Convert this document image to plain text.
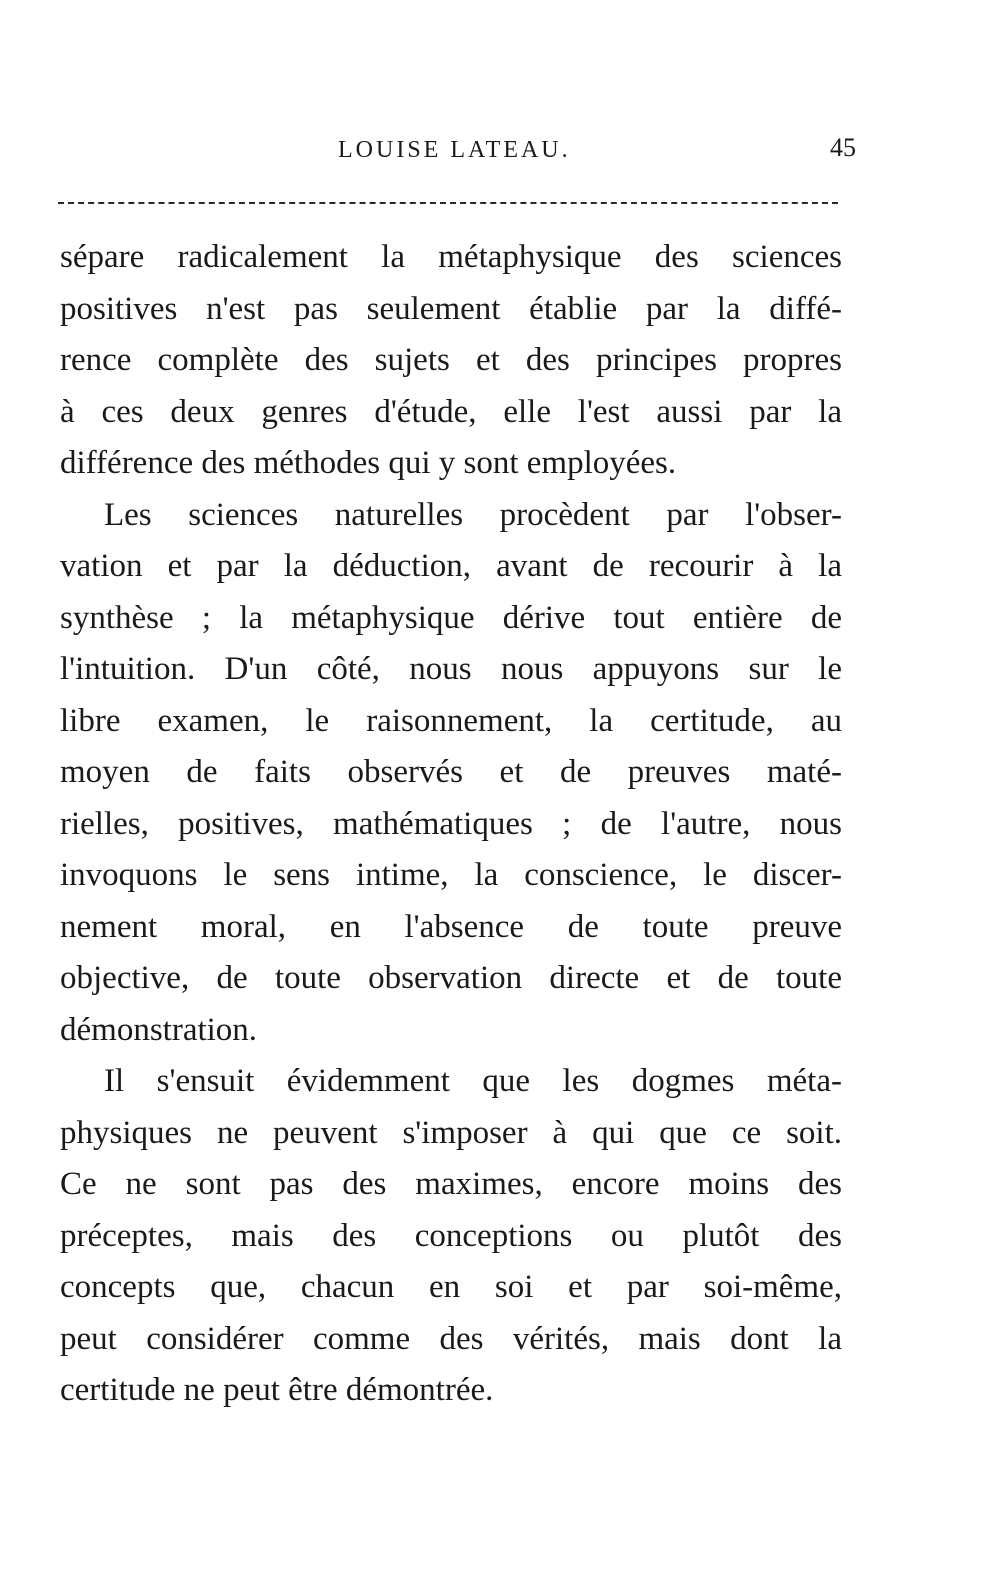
LOUISE LATEAU.	45
sépare radicalement la métaphysique des sciences
positives n'est pas seulement établie par la diffé-
rence complète des sujets et des principes propres
à ces deux genres d'étude, elle l'est aussi par la
différence des méthodes qui y sont employées.
Les sciences naturelles procèdent par l'obser-
vation et par la déduction, avant de recourir à la
synthèse ; la métaphysique dérive tout entière de
l'intuition. D'un côté, nous nous appuyons sur le
libre examen, le raisonnement, la certitude, au
moyen de faits observés et de preuves maté-
rielles, positives, mathématiques ; de l'autre, nous
invoquons le sens intime, la conscience, le discer-
nement moral, en l'absence de toute preuve
objective, de toute observation directe et de toute
démonstration.
Il s'ensuit évidemment que les dogmes méta-
physiques ne peuvent s'imposer à qui que ce soit.
Ce ne sont pas des maximes, encore moins des
préceptes, mais des conceptions ou plutôt des
concepts que, chacun en soi et par soi-même,
peut considérer comme des vérités, mais dont la
certitude ne peut être démontrée.
